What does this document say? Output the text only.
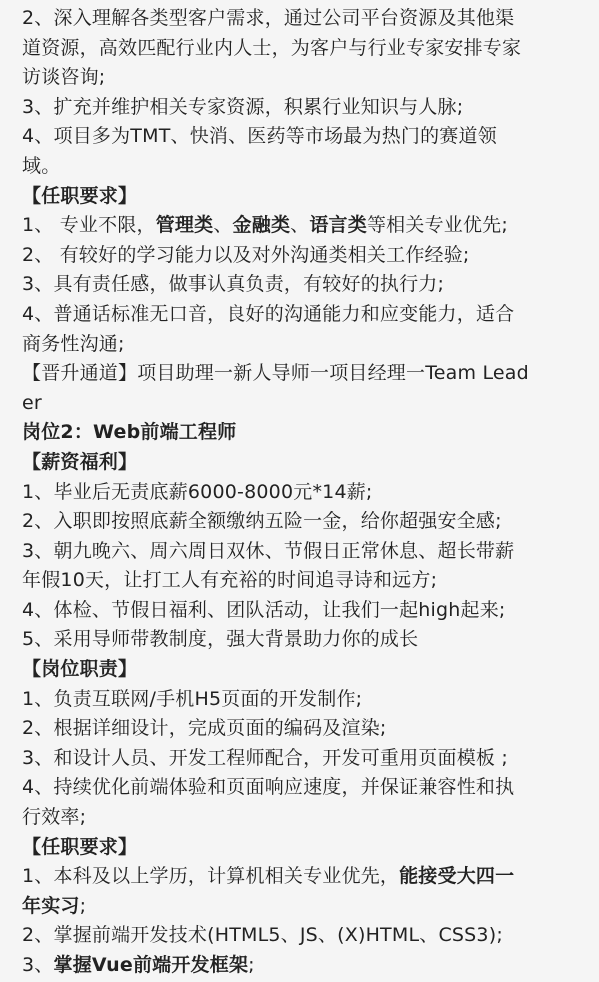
2、深入理解各类型客户需求，通过公司平台资源及其他渠
道资源，高效匹配行业内人士，为客户与行业专家安排专家
访谈咨询;
3、扩充并维护相关专家资源，积累行业知识与人脉;
4、项目多为TMT、快消、医药等市场最为热门的赛道领
域。
【任职要求】
1、 专业不限，管理类、金融类、语言类等相关专业优先;
2、 有较好的学习能力以及对外沟通类相关工作经验;
3、具有责任感，做事认真负责，有较好的执行力;
4、普通话标准无口音，良好的沟通能力和应变能力，适合
商务性沟通;
【晋升通道】项目助理一新人导师一项目经理一Team Lead
er
岗位2：Web前端工程师
【薪资福利】
1、毕业后无责底薪6000-8000元*14薪;
2、入职即按照底薪全额缴纳五险一金，给你超强安全感;
3、朝九晚六、周六周日双休、节假日正常休息、超长带薪
年假10天，让打工人有充裕的时间追寻诗和远方;
4、体检、节假日福利、团队活动，让我们一起high起来;
5、采用导师带教制度，强大背景助力你的成长
【岗位职责】
1、负责互联网/手机H5页面的开发制作;
2、根据详细设计，完成页面的编码及渲染;
3、和设计人员、开发工程师配合，开发可重用页面模板 ;
4、持续优化前端体验和页面响应速度，并保证兼容性和执
行效率;
【任职要求】
1、本科及以上学历，计算机相关专业优先，能接受大四一
年实习;
2、掌握前端开发技术(HTML5、JS、(X)HTML、CSS3);
3、掌握Vue前端开发框架;
